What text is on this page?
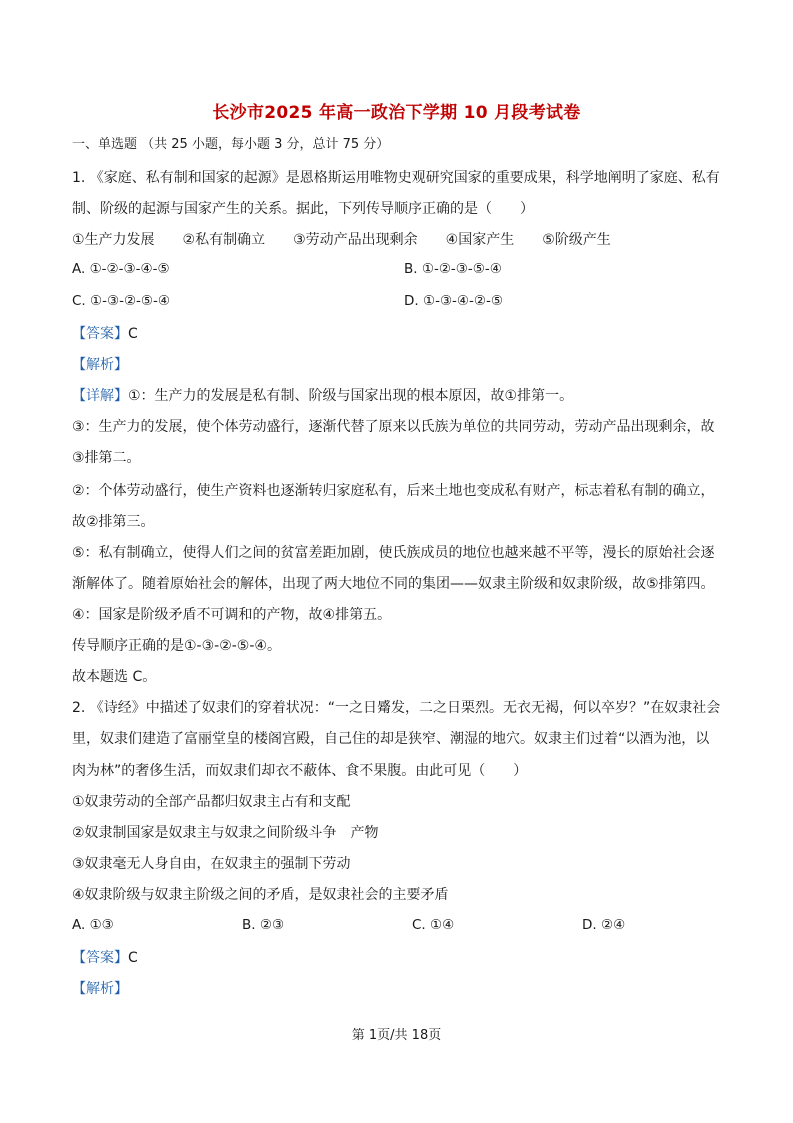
长沙市2025 年高一政治下学期 10 月段考试卷
一、单选题 （共 25 小题，每小题 3 分，总计 75 分）
1. 《家庭、私有制和国家的起源》是恩格斯运用唯物史观研究国家的重要成果，科学地阐明了家庭、私有
制、阶级的起源与国家产生的关系。据此，下列传导顺序正确的是（　　）
①生产力发展　　②私有制确立　　③劳动产品出现剩余　　④国家产生　　⑤阶级产生
A. ①-②-③-④-⑤	B. ①-②-③-⑤-④
C. ①-③-②-⑤-④	D. ①-③-④-②-⑤
【答案】C
【解析】
【详解】①：生产力的发展是私有制、阶级与国家出现的根本原因，故①排第一。
③：生产力的发展，使个体劳动盛行，逐渐代替了原来以氏族为单位的共同劳动，劳动产品出现剩余，故
③排第二。
②：个体劳动盛行，使生产资料也逐渐转归家庭私有，后来土地也变成私有财产，标志着私有制的确立，
故②排第三。
⑤：私有制确立，使得人们之间的贫富差距加剧，使氏族成员的地位也越来越不平等，漫长的原始社会逐
渐解体了。随着原始社会的解体，出现了两大地位不同的集团——奴隶主阶级和奴隶阶级，故⑤排第四。
④：国家是阶级矛盾不可调和的产物，故④排第五。
传导顺序正确的是①-③-②-⑤-④。
故本题选 C。
2. 《诗经》中描述了奴隶们的穿着状况：“一之日觱发，二之日栗烈。无衣无褐，何以卒岁？”在奴隶社会
里，奴隶们建造了富丽堂皇的楼阁宫殿，自己住的却是狭窄、潮湿的地穴。奴隶主们过着“以酒为池，以
肉为林”的奢侈生活，而奴隶们却衣不蔽体、食不果腹。由此可见（　　）
①奴隶劳动的全部产品都归奴隶主占有和支配
②奴隶制国家是奴隶主与奴隶之间阶级斗争　产物
③奴隶毫无人身自由，在奴隶主的强制下劳动
④奴隶阶级与奴隶主阶级之间的矛盾，是奴隶社会的主要矛盾
A. ①③	B. ②③	C. ①④	D. ②④
【答案】C
【解析】
第 1页/共 18页
